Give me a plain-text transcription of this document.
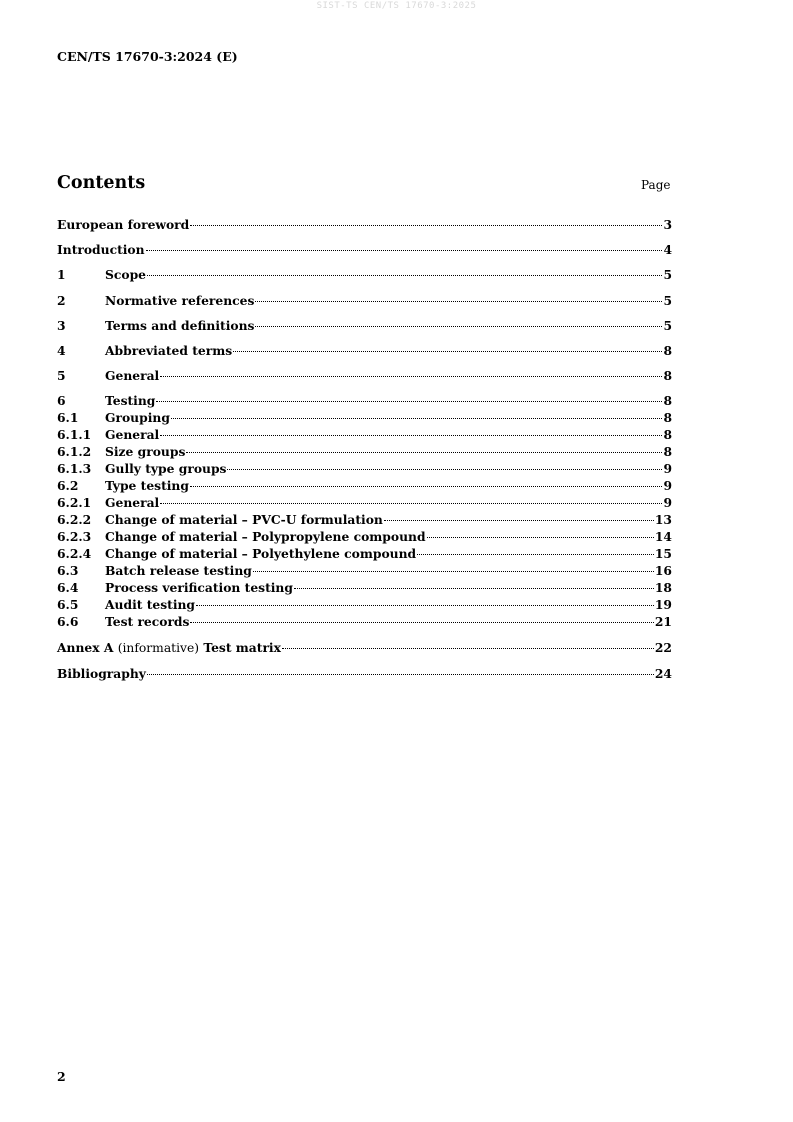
SIST-TS CEN/TS 17670-3:2025
CEN/TS 17670-3:2024 (E)
Contents	Page
European foreword	3
Introduction	4
1	Scope	5
2	Normative references	5
3	Terms and definitions	5
4	Abbreviated terms	8
5	General	8
6	Testing	8
6.1	Grouping	8
6.1.1	General	8
6.1.2	Size groups	8
6.1.3	Gully type groups	9
6.2	Type testing	9
6.2.1	General	9
6.2.2	Change of material – PVC-U formulation	13
6.2.3	Change of material – Polypropylene compound	14
6.2.4	Change of material – Polyethylene compound	15
6.3	Batch release testing	16
6.4	Process verification testing	18
6.5	Audit testing	19
6.6	Test records	21
Annex A (informative) Test matrix	22
Bibliography	24
2
